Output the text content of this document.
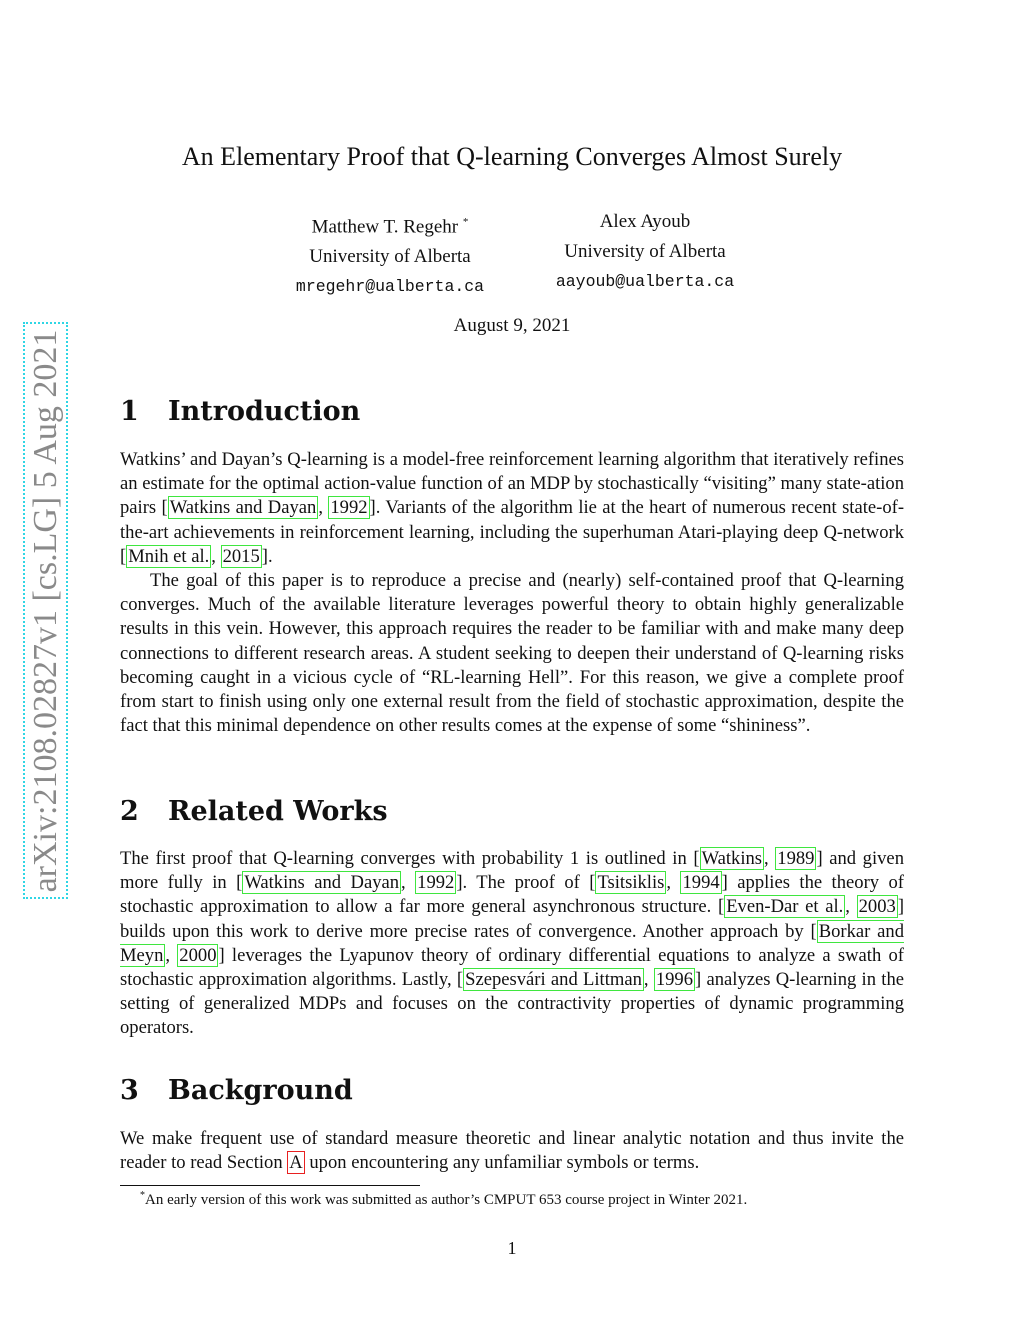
arXiv:2108.02827v1 [cs.LG] 5 Aug 2021
An Elementary Proof that Q-learning Converges Almost Surely
Matthew T. Regehr *
University of Alberta
mregehr@ualberta.ca
Alex Ayoub
University of Alberta
aayoub@ualberta.ca
August 9, 2021
1 Introduction

Watkins’ and Dayan’s Q-learning is a model-free reinforcement learning algorithm that iteratively refines an estimate for the optimal action-value function of an MDP by stochastically “visiting” many state-ation pairs [ Watkins and Dayan , 1992 ]. Variants of the algorithm lie at the heart of numerous recent state-of-the-art achievements in reinforcement learning, including the superhuman Atari-playing deep Q-network [ Mnih et al. , 2015 ].

The goal of this paper is to reproduce a precise and (nearly) self-contained proof that Q-learning converges. Much of the available literature leverages powerful theory to obtain highly generalizable results in this vein. However, this approach requires the reader to be familiar with and make many deep connections to different research areas. A student seeking to deepen their understand of Q-learning risks becoming caught in a vicious cycle of “RL-learning Hell”. For this reason, we give a complete proof from start to finish using only one external result from the field of stochastic approximation, despite the fact that this minimal dependence on other results comes at the expense of some “shininess”.

2 Related Works

The first proof that Q-learning converges with probability 1 is outlined in [ Watkins , 1989 ] and given more fully in [ Watkins and Dayan , 1992 ]. The proof of [ Tsitsiklis , 1994 ] applies the theory of stochastic approximation to allow a far more general asynchronous structure. [ Even-Dar et al. , 2003 ] builds upon this work to derive more precise rates of convergence. Another approach by [ Borkar and Meyn , 2000 ] leverages the Lyapunov theory of ordinary differential equations to analyze a swath of stochastic approximation algorithms. Lastly, [ Szepesvári and Littman , 1996 ] analyzes Q-learning in the setting of generalized MDPs and focuses on the contractivity properties of dynamic programming operators.

3 Background

We make frequent use of standard measure theoretic and linear analytic notation and thus invite the reader to read Section A upon encountering any unfamiliar symbols or terms.

*An early version of this work was submitted as author’s CMPUT 653 course project in Winter 2021.
1
